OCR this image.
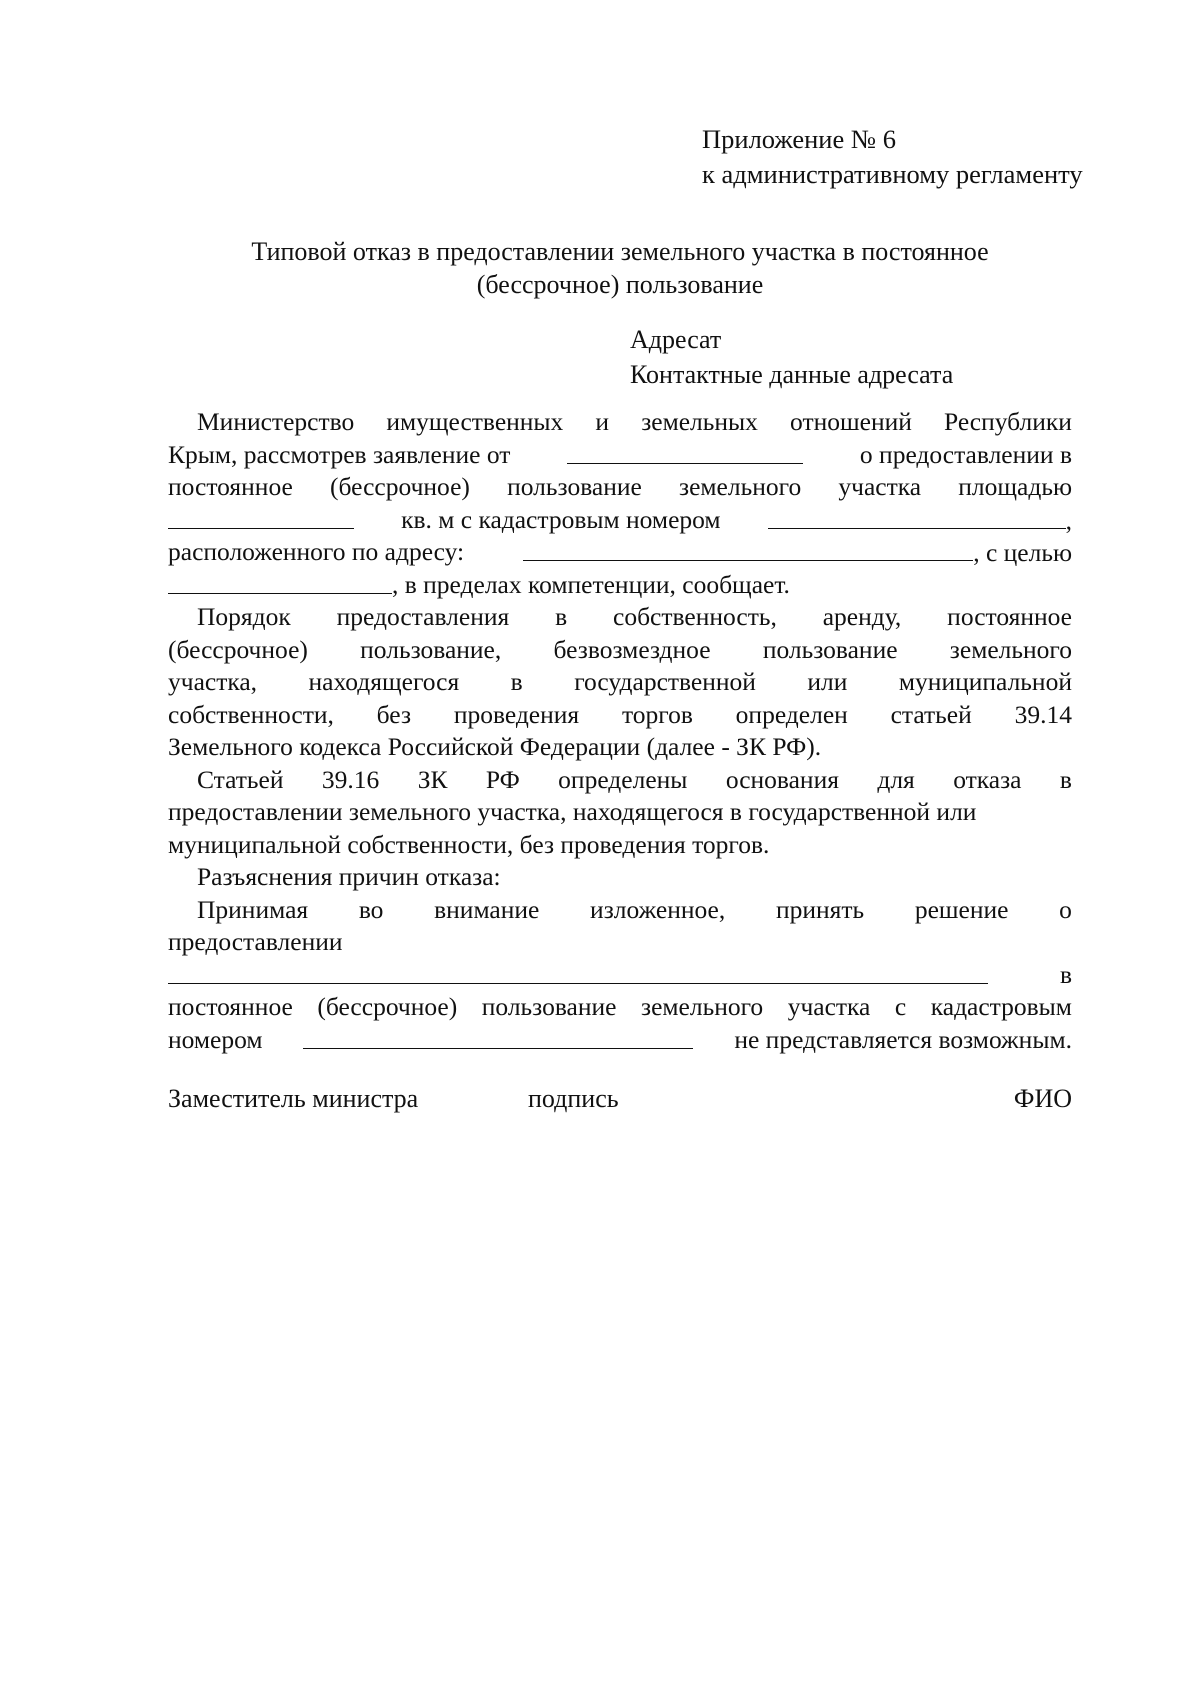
Приложение № 6
к административному регламенту
Типовой отказ в предоставлении земельного участка в постоянное
(бессрочное) пользование
Адресат
Контактные данные адресата
Министерство имущественных и земельных отношений Республики
Крым, рассмотрев заявление от	о предоставлении в
постоянное (бессрочное) пользование земельного участка площадью
кв. м с кадастровым номером	,
расположенного по адресу:	, с целью
, в пределах компетенции, сообщает.
Порядок предоставления в собственность, аренду, постоянное
(бессрочное) пользование, безвозмездное пользование земельного
участка, находящегося в государственной или муниципальной
собственности, без проведения торгов определен статьей 39.14
Земельного кодекса Российской Федерации (далее - ЗК РФ).
Статьей 39.16 ЗК РФ определены основания для отказа в
предоставлении земельного участка, находящегося в государственной или
муниципальной собственности, без проведения торгов.
Разъяснения причин отказа:
Принимая во внимание изложенное, принять решение о
предоставлении
в
постоянное (бессрочное) пользование земельного участка с кадастровым
номером	не представляется возможным.
Заместитель министра	подпись	ФИО
